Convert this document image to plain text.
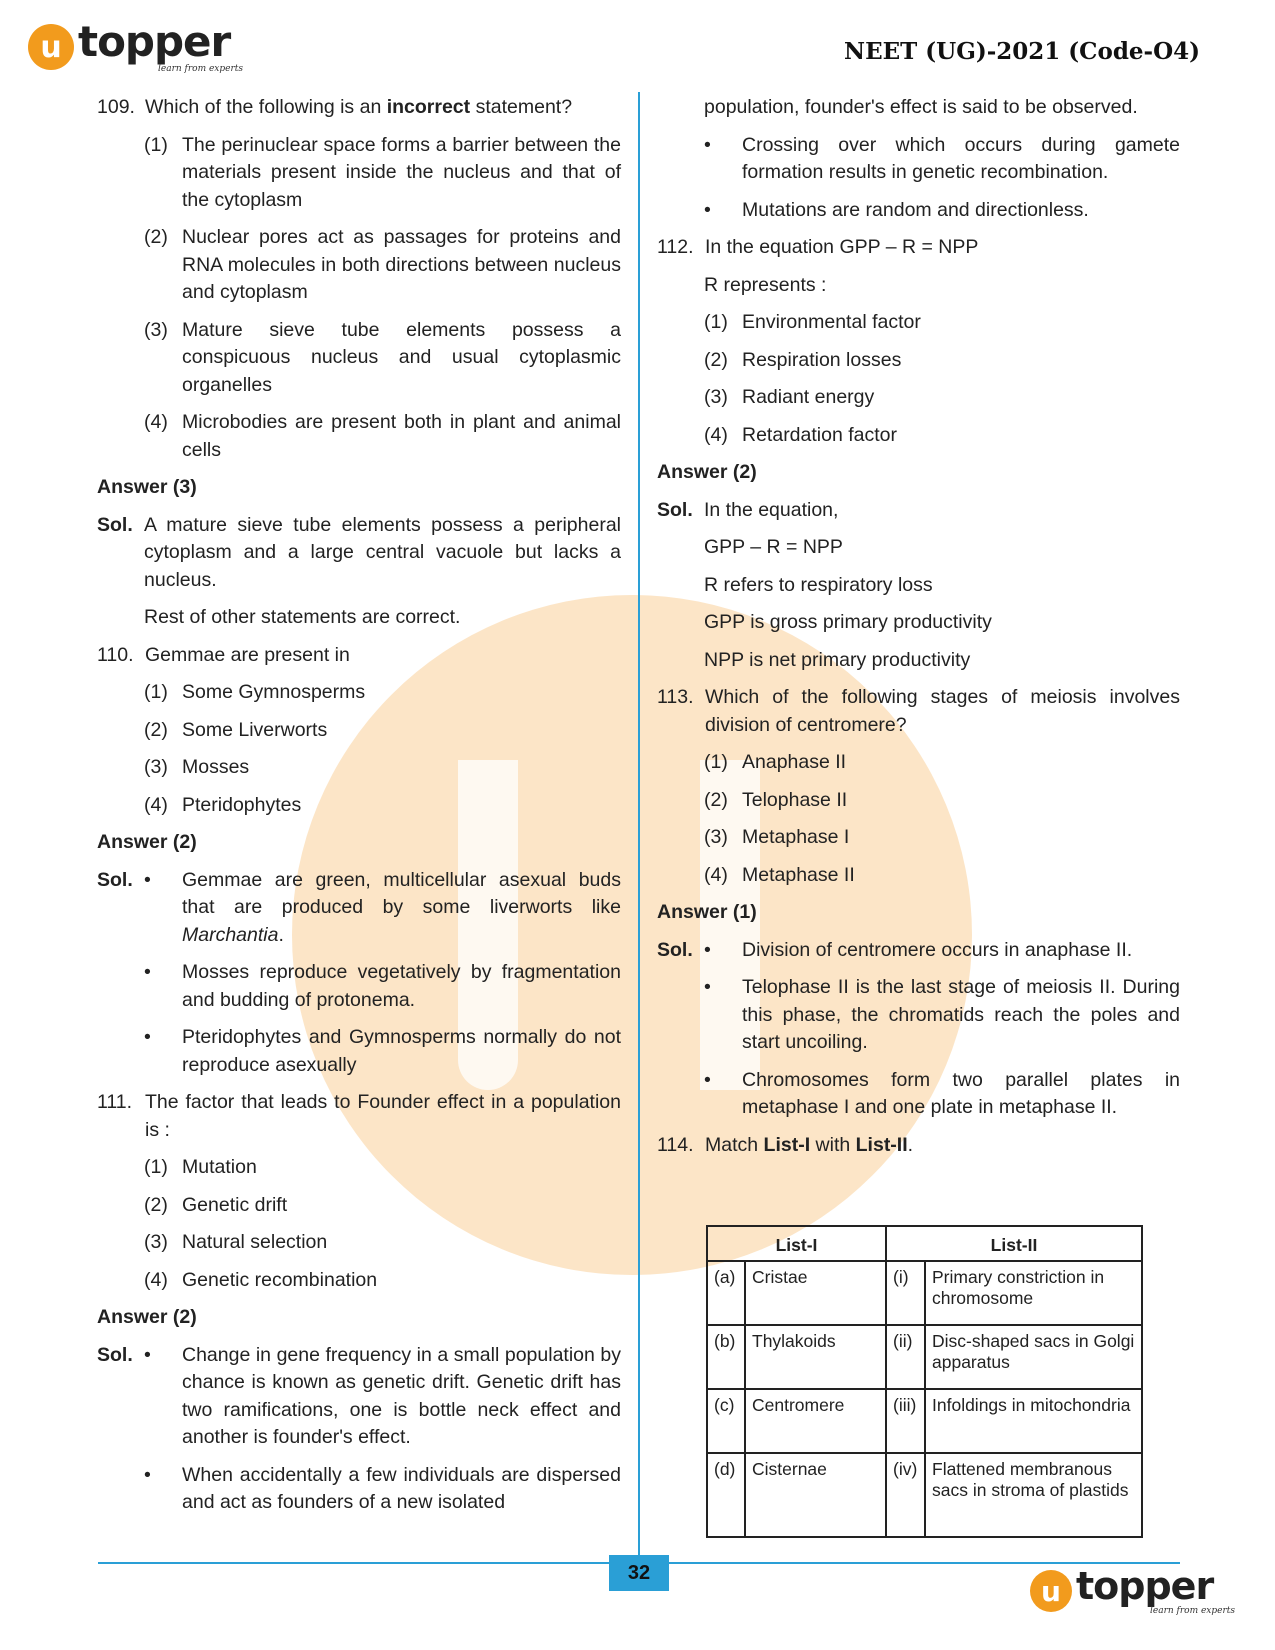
u topper
learn from experts
NEET (UG)-2021 (Code-O4)
32
u topper
learn from experts
109. Which of the following is an incorrect statement?
(1) The perinuclear space forms a barrier between the materials present inside the nucleus and that of the cytoplasm
(2) Nuclear pores act as passages for proteins and RNA molecules in both directions between nucleus and cytoplasm
(3) Mature sieve tube elements possess a conspicuous nucleus and usual cytoplasmic organelles
(4) Microbodies are present both in plant and animal cells
Answer (3)
Sol. A mature sieve tube elements possess a peripheral cytoplasm and a large central vacuole but lacks a nucleus.
Rest of other statements are correct.
110. Gemmae are present in
(1) Some Gymnosperms
(2) Some Liverworts
(3) Mosses
(4) Pteridophytes
Answer (2)
Sol. •	Gemmae are green, multicellular asexual buds that are produced by some liverworts like Marchantia.
•	Mosses reproduce vegetatively by fragmentation and budding of protonema.
•	Pteridophytes and Gymnosperms normally do not reproduce asexually
111. The factor that leads to Founder effect in a population is :
(1) Mutation
(2) Genetic drift
(3) Natural selection
(4) Genetic recombination
Answer (2)
Sol. •	Change in gene frequency in a small population by chance is known as genetic drift. Genetic drift has two ramifications, one is bottle neck effect and another is founder's effect.
•	When accidentally a few individuals are dispersed and act as founders of a new isolated
population, founder's effect is said to be observed.
•	Crossing over which occurs during gamete formation results in genetic recombination.
•	Mutations are random and directionless.
112. In the equation GPP – R = NPP
R represents :
(1) Environmental factor
(2) Respiration losses
(3) Radiant energy
(4) Retardation factor
Answer (2)
Sol. In the equation,
GPP – R = NPP
R refers to respiratory loss
GPP is gross primary productivity
NPP is net primary productivity
113. Which of the following stages of meiosis involves division of centromere?
(1) Anaphase II
(2) Telophase II
(3) Metaphase I
(4) Metaphase II
Answer (1)
Sol. •	Division of centromere occurs in anaphase II.
•	Telophase II is the last stage of meiosis II. During this phase, the chromatids reach the poles and start uncoiling.
•	Chromosomes form two parallel plates in metaphase I and one plate in metaphase II.
114. Match List-I with List-II.
List-I		List-II	
(a)	Cristae	(i)	Primary constriction in chromosome
(b)	Thylakoids	(ii)	Disc-shaped sacs in Golgi apparatus
(c)	Centromere	(iii)	Infoldings in mitochondria
(d)	Cisternae	(iv)	Flattened membranous sacs in stroma of plastids
